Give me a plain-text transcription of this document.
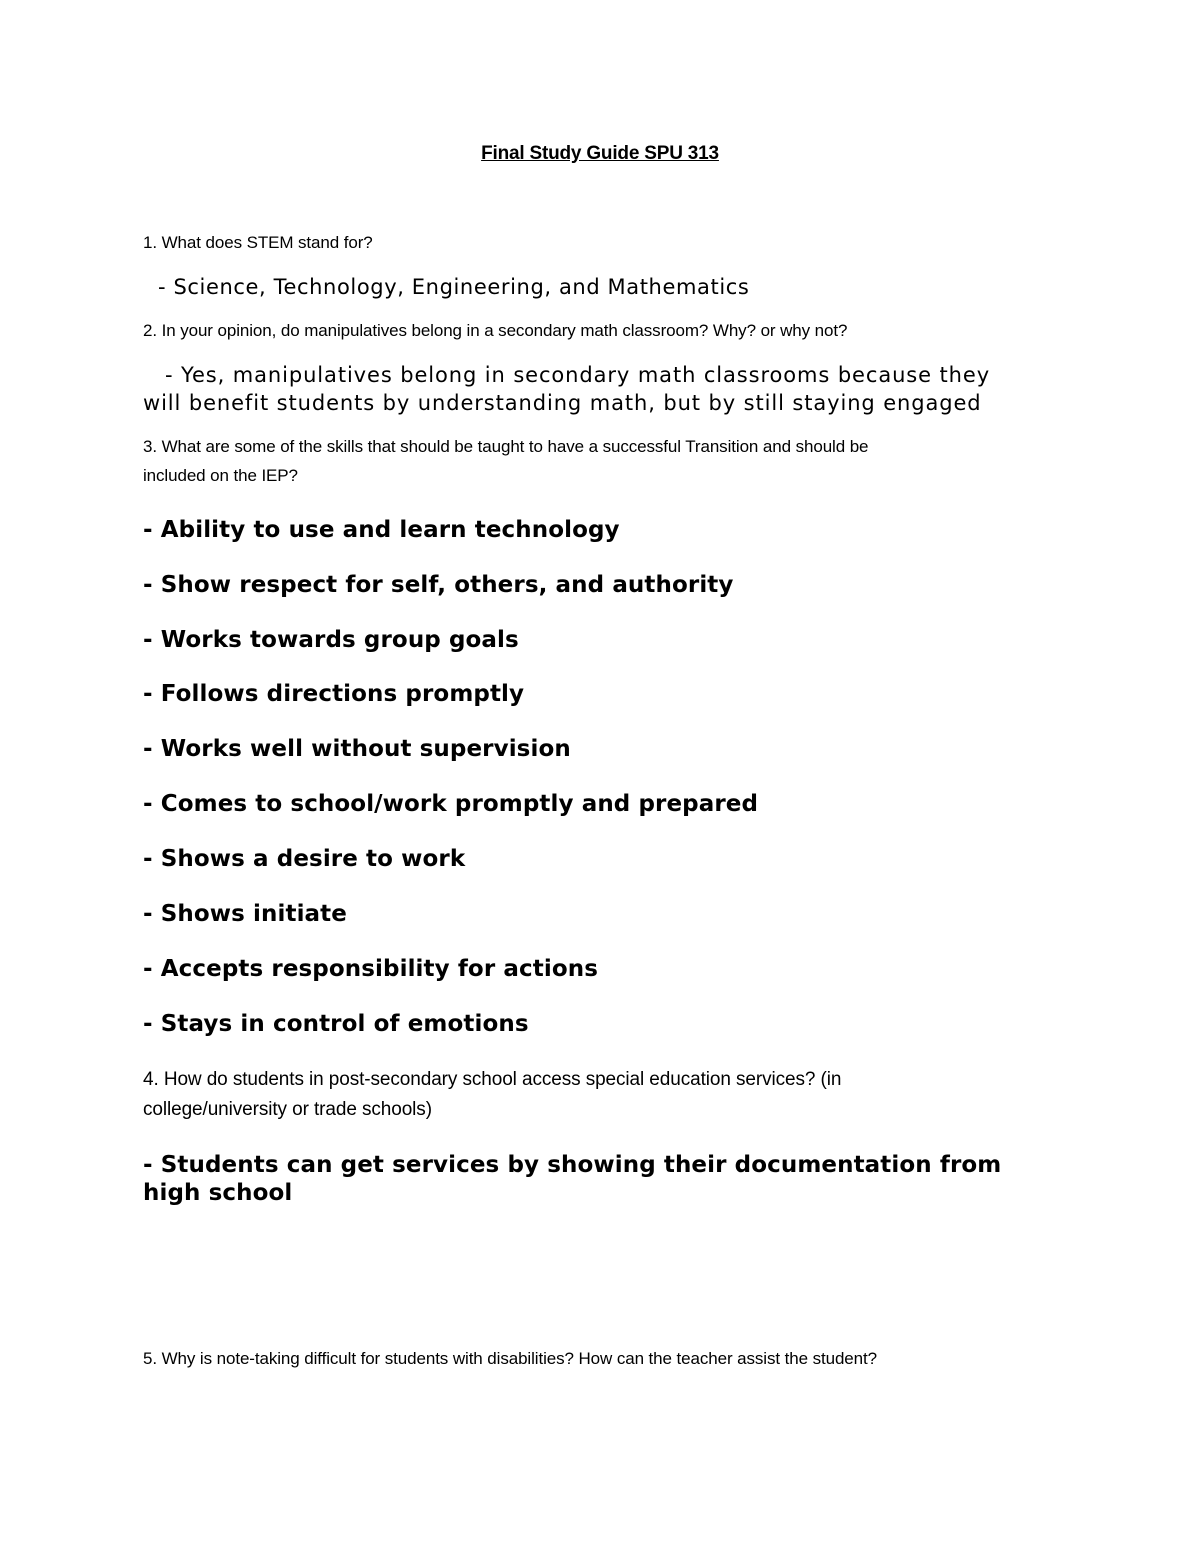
Final Study Guide SPU 313

1. What does STEM stand for?

- Science, Technology, Engineering, and Mathematics

2. In your opinion, do manipulatives belong in a secondary math classroom? Why? or why not?

- Yes, manipulatives belong in secondary math classrooms because they

will benefit students by understanding math, but by still staying engaged

3. What are some of the skills that should be taught to have a successful Transition and should be

included on the IEP?

- Ability to use and learn technology

- Show respect for self, others, and authority

- Works towards group goals

- Follows directions promptly

- Works well without supervision

- Comes to school/work promptly and prepared

- Shows a desire to work

- Shows initiate

- Accepts responsibility for actions

- Stays in control of emotions

4. How do students in post-secondary school access special education services? (in

college/university or trade schools)

- Students can get services by showing their documentation from

high school

5. Why is note-taking difficult for students with disabilities? How can the teacher assist the student?
